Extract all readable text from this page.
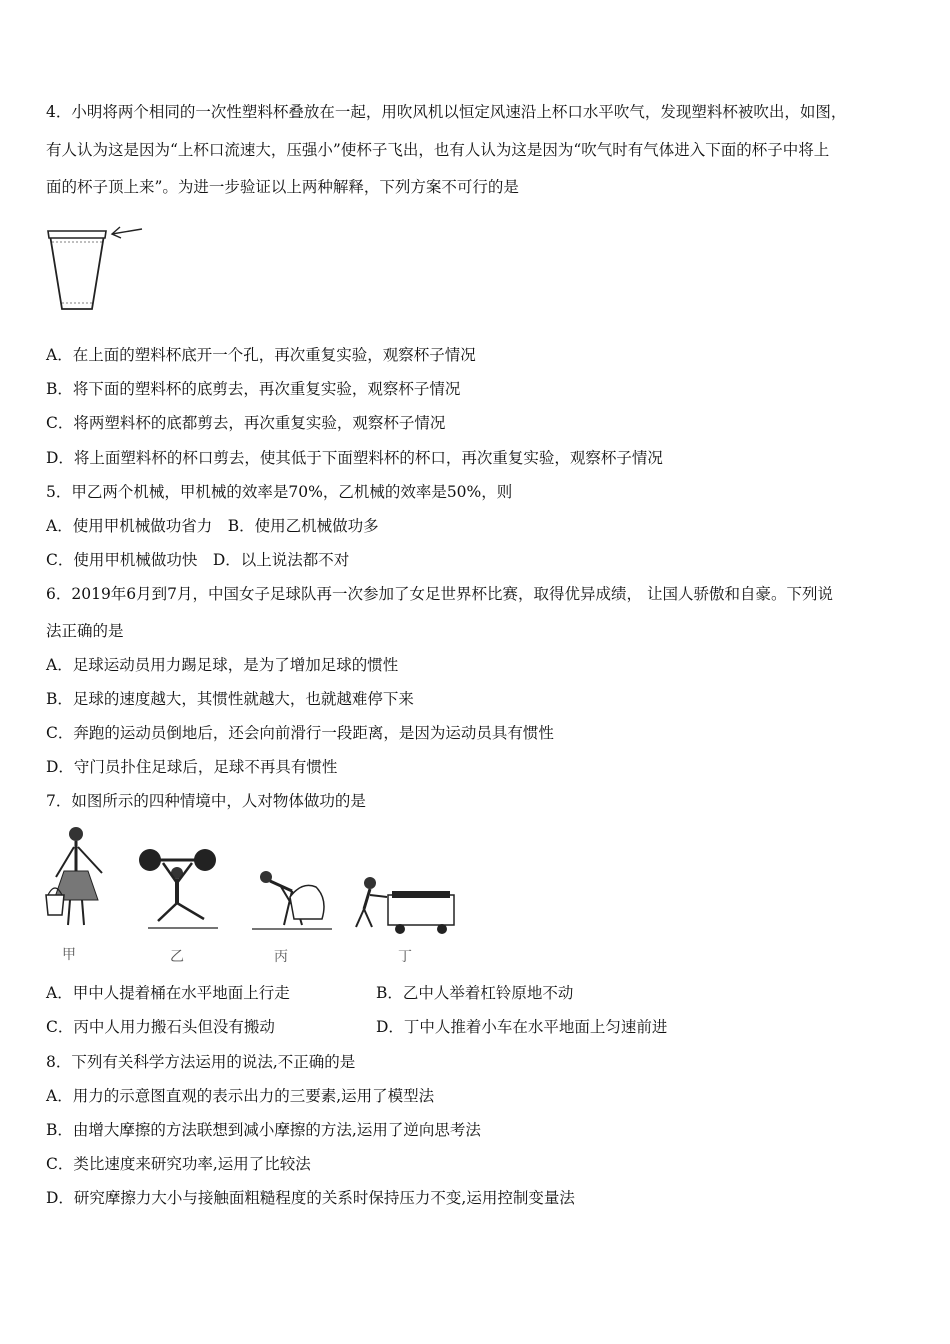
4．小明将两个相同的一次性塑料杯叠放在一起，用吹风机以恒定风速沿上杯口水平吹气，发现塑料杯被吹出，如图，
有人认为这是因为“上杯口流速大，压强小”使杯子飞出，也有人认为这是因为“吹气时有气体进入下面的杯子中将上
面的杯子顶上来”。为进一步验证以上两种解释，下列方案不可行的是
A．在上面的塑料杯底开一个孔，再次重复实验，观察杯子情况
B．将下面的塑料杯的底剪去，再次重复实验，观察杯子情况
C．将两塑料杯的底都剪去，再次重复实验，观察杯子情况
D．将上面塑料杯的杯口剪去，使其低于下面塑料杯的杯口，再次重复实验，观察杯子情况
5．甲乙两个机械，甲机械的效率是70%，乙机械的效率是50%，则
A．使用甲机械做功省力　B．使用乙机械做功多
C．使用甲机械做功快　D．以上说法都不对
6．2019年6月到7月，中国女子足球队再一次参加了女足世界杯比赛，取得优异成绩， 让国人骄傲和自豪。下列说
法正确的是
A．足球运动员用力踢足球，是为了增加足球的惯性
B．足球的速度越大，其惯性就越大，也就越难停下来
C．奔跑的运动员倒地后，还会向前滑行一段距离，是因为运动员具有惯性
D．守门员扑住足球后，足球不再具有惯性
7．如图所示的四种情境中，人对物体做功的是
甲	乙	丙	丁
A．甲中人提着桶在水平地面上行走	B．乙中人举着杠铃原地不动
C．丙中人用力搬石头但没有搬动	D．丁中人推着小车在水平地面上匀速前进
8．下列有关科学方法运用的说法,不正确的是
A．用力的示意图直观的表示出力的三要素,运用了模型法
B．由增大摩擦的方法联想到减小摩擦的方法,运用了逆向思考法
C．类比速度来研究功率,运用了比较法
D．研究摩擦力大小与接触面粗糙程度的关系时保持压力不变,运用控制变量法
